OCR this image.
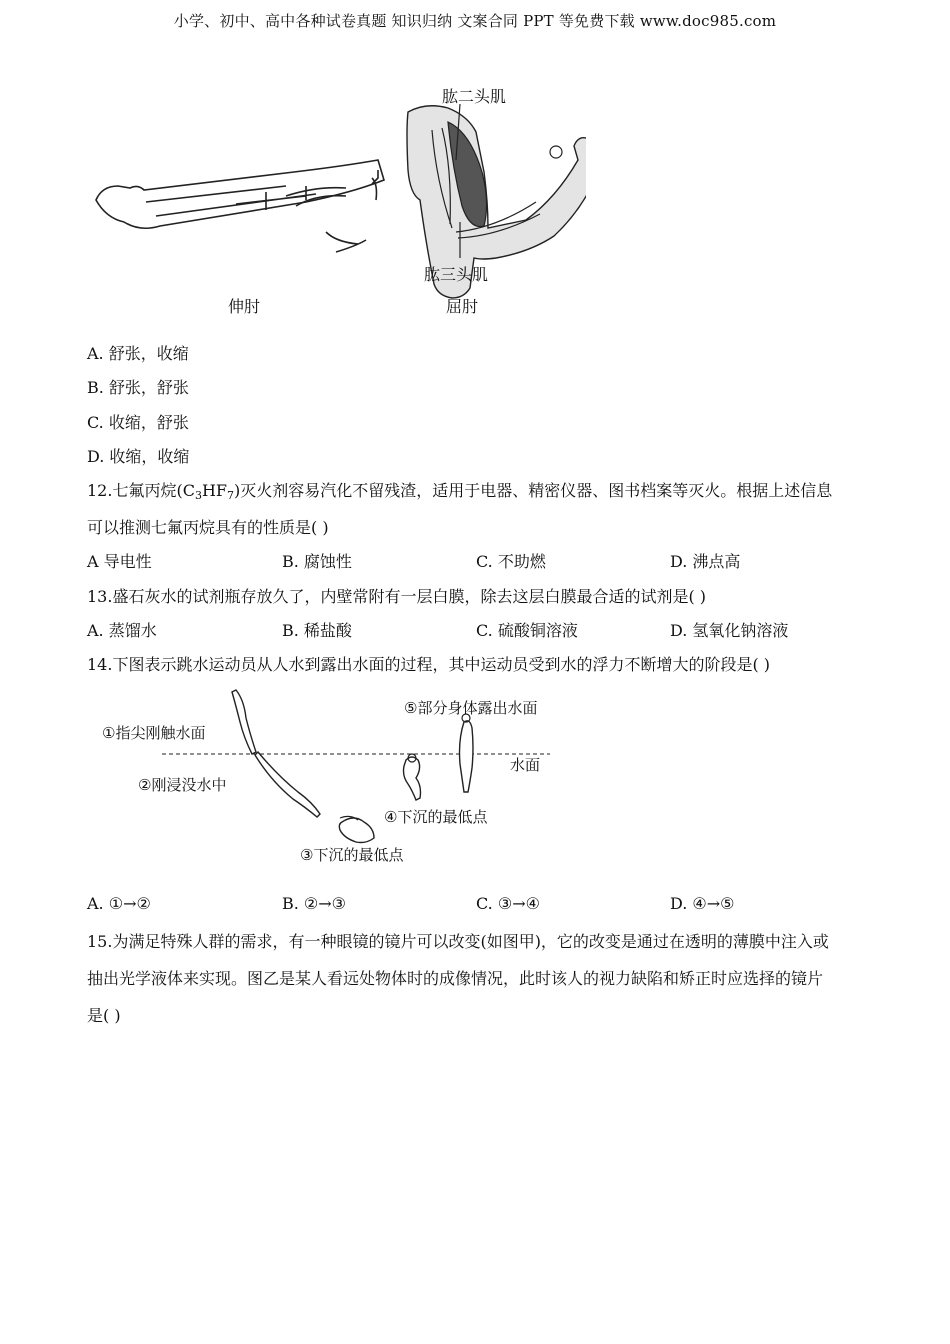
小学、初中、高中各种试卷真题 知识归纳 文案合同 PPT 等免费下载 www.doc985.com
肱二头肌
肱三头肌
伸肘	屈肘
A. 舒张，收缩
B. 舒张，舒张
C. 收缩，舒张
D. 收缩，收缩
12.七氟丙烷$(C_3HF_7)$灭火剂容易汽化不留残渣，适用于电器、精密仪器、图书档案等灭火。根据上述信息
可以推测七氟丙烷具有的性质是( )
A 导电性	B. 腐蚀性	C. 不助燃	D. 沸点高
13.盛石灰水的试剂瓶存放久了，内壁常附有一层白膜，除去这层白膜最合适的试剂是( )
A. 蒸馏水	B. 稀盐酸	C. 硫酸铜溶液	D. 氢氧化钠溶液
14.下图表示跳水运动员从人水到露出水面的过程，其中运动员受到水的浮力不断增大的阶段是( )
①指尖刚触水面
②刚浸没水中
③下沉的最低点
④下沉的最低点
⑤部分身体露出水面
水面
A. ①→②	B. ②→③	C. ③→④	D. ④→⑤
15.为满足特殊人群的需求，有一种眼镜的镜片可以改变(如图甲)，它的改变是通过在透明的薄膜中注入或
抽出光学液体来实现。图乙是某人看远处物体时的成像情况，此时该人的视力缺陷和矫正时应选择的镜片
是( )
